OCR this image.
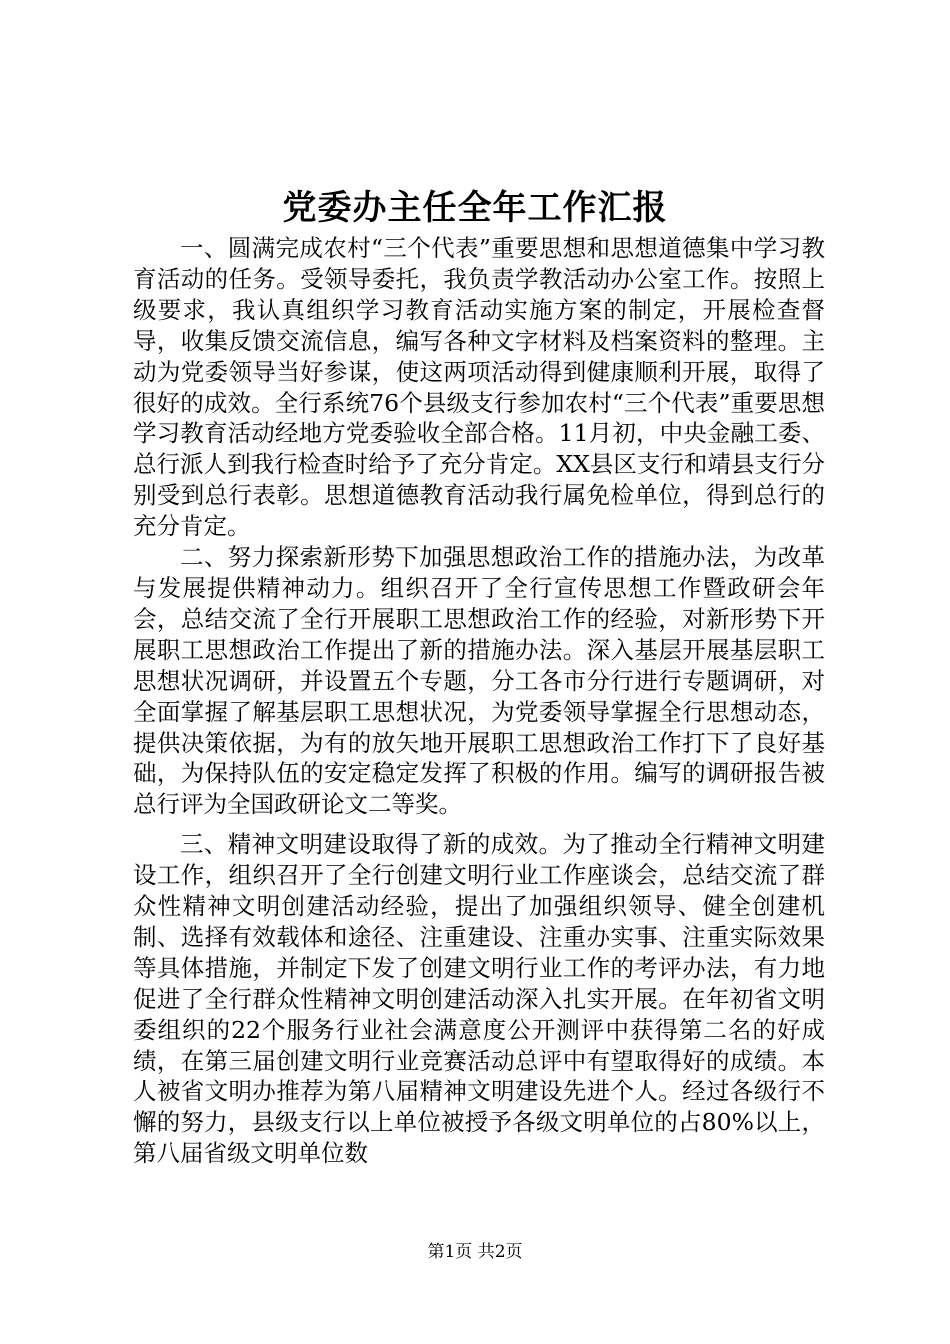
党委办主任全年工作汇报

一、圆满完成农村“三个代表”重要思想和思想道德集中学习教育活动的任务。受领导委托，我负责学教活动办公室工作。按照上级要求，我认真组织学习教育活动实施方案的制定，开展检查督导，收集反馈交流信息，编写各种文字材料及档案资料的整理。主动为党委领导当好参谋，使这两项活动得到健康顺利开展，取得了很好的成效。全行系统76个县级支行参加农村“三个代表”重要思想学习教育活动经地方党委验收全部合格。11月初，中央金融工委、总行派人到我行检查时给予了充分肯定。XX县区支行和靖县支行分别受到总行表彰。思想道德教育活动我行属免检单位，得到总行的充分肯定。

二、努力探索新形势下加强思想政治工作的措施办法，为改革与发展提供精神动力。组织召开了全行宣传思想工作暨政研会年会，总结交流了全行开展职工思想政治工作的经验，对新形势下开展职工思想政治工作提出了新的措施办法。深入基层开展基层职工思想状况调研，并设置五个专题，分工各市分行进行专题调研，对全面掌握了解基层职工思想状况，为党委领导掌握全行思想动态，提供决策依据，为有的放矢地开展职工思想政治工作打下了良好基础，为保持队伍的安定稳定发挥了积极的作用。编写的调研报告被总行评为全国政研论文二等奖。

三、精神文明建设取得了新的成效。为了推动全行精神文明建设工作，组织召开了全行创建文明行业工作座谈会，总结交流了群众性精神文明创建活动经验，提出了加强组织领导、健全创建机制、选择有效载体和途径、注重建设、注重办实事、注重实际效果等具体措施，并制定下发了创建文明行业工作的考评办法，有力地促进了全行群众性精神文明创建活动深入扎实开展。在年初省文明委组织的22个服务行业社会满意度公开测评中获得第二名的好成绩，在第三届创建文明行业竞赛活动总评中有望取得好的成绩。本人被省文明办推荐为第八届精神文明建设先进个人。经过各级行不懈的努力，县级支行以上单位被授予各级文明单位的占80%以上，第八届省级文明单位数

第1页 共2页
